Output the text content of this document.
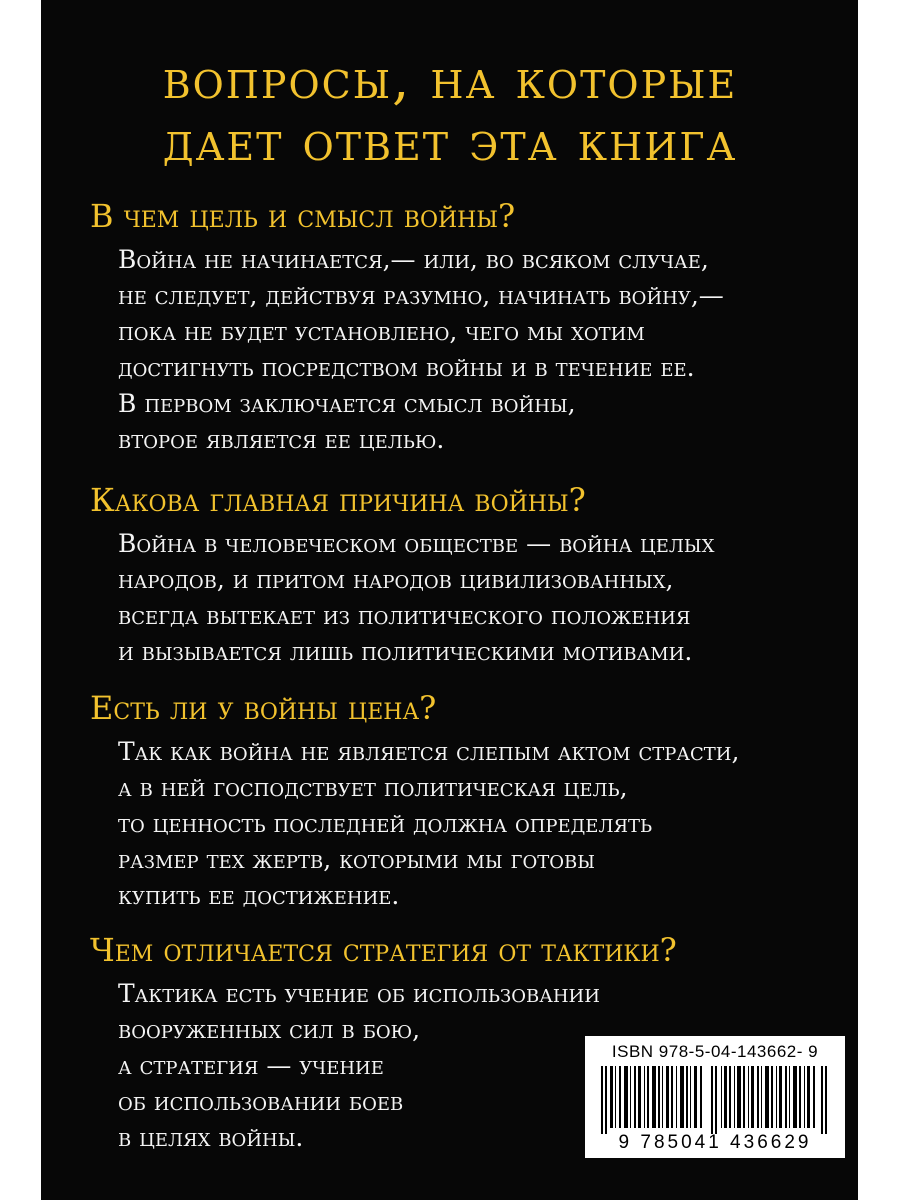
вопросы, на которые
дает ответ эта книга
В чем цель и смысл войны?
Война не начинается,— или, во всяком случае,
не следует, действуя разумно, начинать войну,—
пока не будет установлено, чего мы хотим
достигнуть посредством войны и в течение ее.
В первом заключается смысл войны,
второе является ее целью.
Какова главная причина войны?
Война в человеческом обществе — война целых
народов, и притом народов цивилизованных,
всегда вытекает из политического положения
и вызывается лишь политическими мотивами.
Есть ли у войны цена?
Так как война не является слепым актом страсти,
а в ней господствует политическая цель,
то ценность последней должна определять
размер тех жертв, которыми мы готовы
купить ее достижение.
Чем отличается стратегия от тактики?
Тактика есть учение об использовании
вооруженных сил в бою,
а стратегия — учение
об использовании боев
в целях войны.
ISBN 978-5-04-143662- 9
9 785041 436629
